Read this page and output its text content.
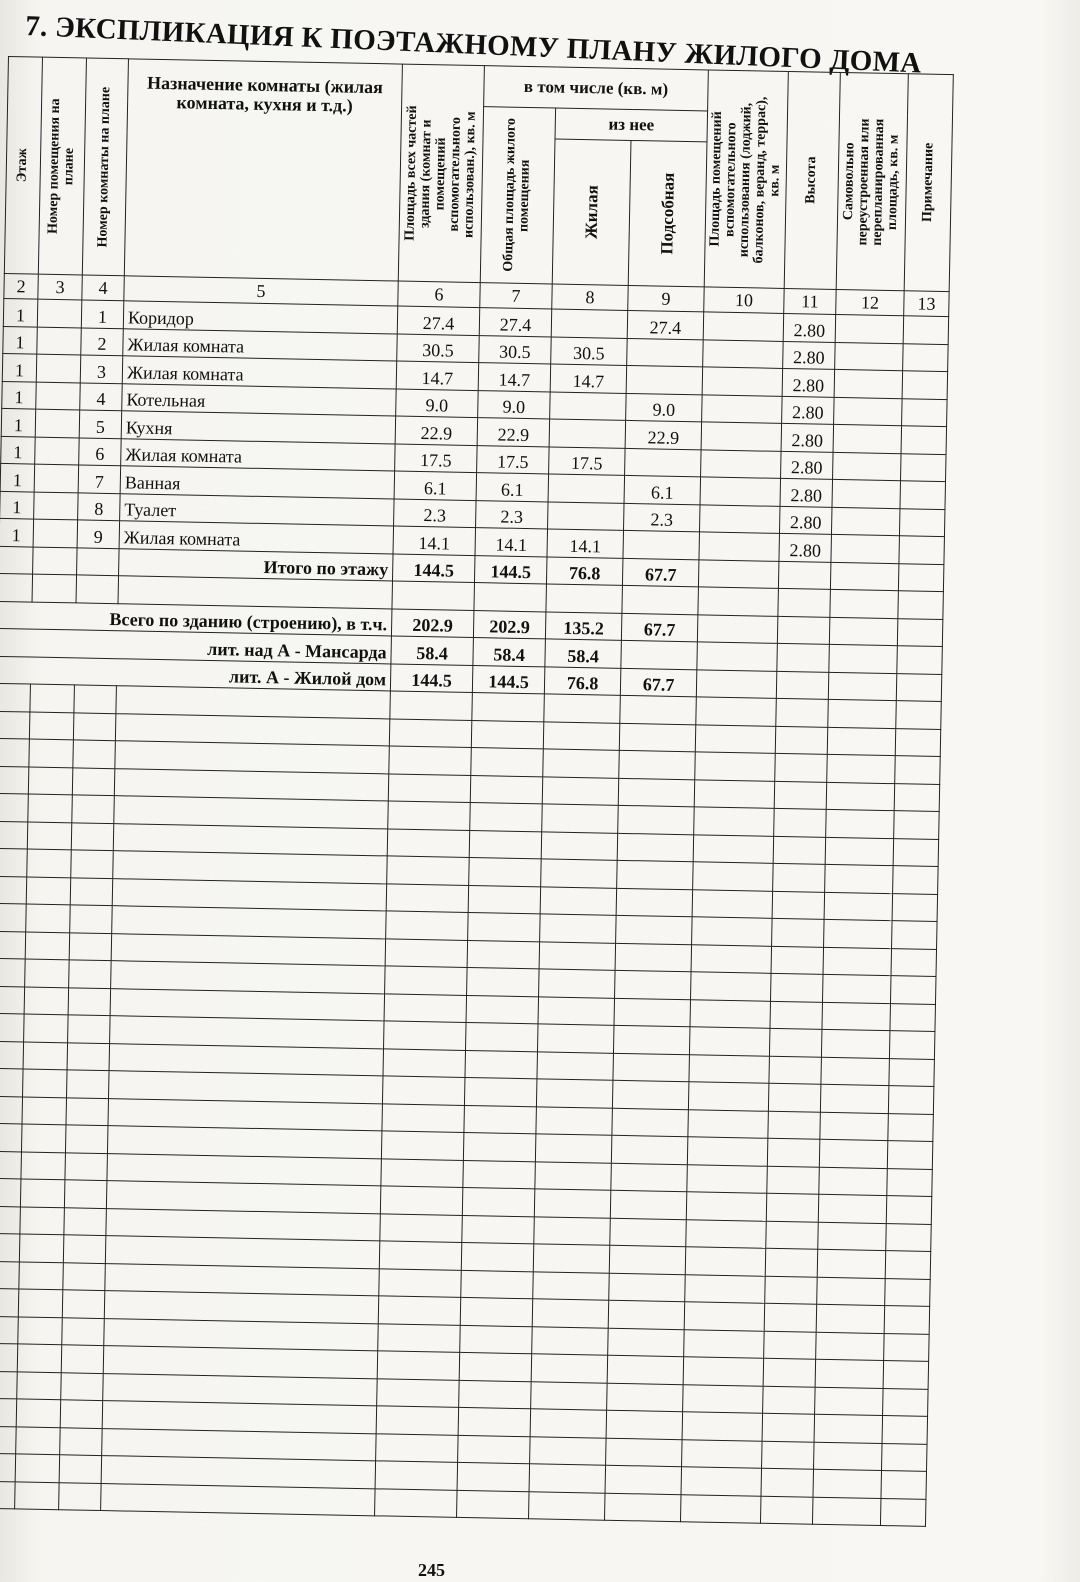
7. ЭКСПЛИКАЦИЯ К ПОЭТАЖНОМУ ПЛАНУ ЖИЛОГО ДОМА
Этаж	Номер помещения на плане	Номер комнаты на плане	Назначение комнаты (жилая комната, кухня и т.д.)	Площадь всех частей здания (комнат и помещений вспомогательного использован.), кв. м	в том числе (кв. м)			Площадь помещений вспомогательного использования (лоджий, балконов, веранд, террас), кв. м	Высота	Самовольно переустроенная или перепланированная площадь, кв. м	Примечание

					Общая площадь жилого помещения	из нее					

						Жилая	Подсобная				

2	3	4	5	6	7	8	9	10	11	12	13
1		1	Коридор	27.4	27.4		27.4		2.80		
1		2	Жилая комната	30.5	30.5	30.5			2.80		
1		3	Жилая комната	14.7	14.7	14.7			2.80		
1		4	Котельная	9.0	9.0		9.0		2.80		
1		5	Кухня	22.9	22.9		22.9		2.80		
1		6	Жилая комната	17.5	17.5	17.5			2.80		
1		7	Ванная	6.1	6.1		6.1		2.80		
1		8	Туалет	2.3	2.3		2.3		2.80		
1		9	Жилая комната	14.1	14.1	14.1			2.80		
			Итого по этажу	144.5	144.5	76.8	67.7				

Всего по зданию (строению), в т.ч.				202.9	202.9	135.2	67.7				
лит. над А - Мансарда				58.4	58.4	58.4					
лит. А - Жилой дом				144.5	144.5	76.8	67.7				

245
